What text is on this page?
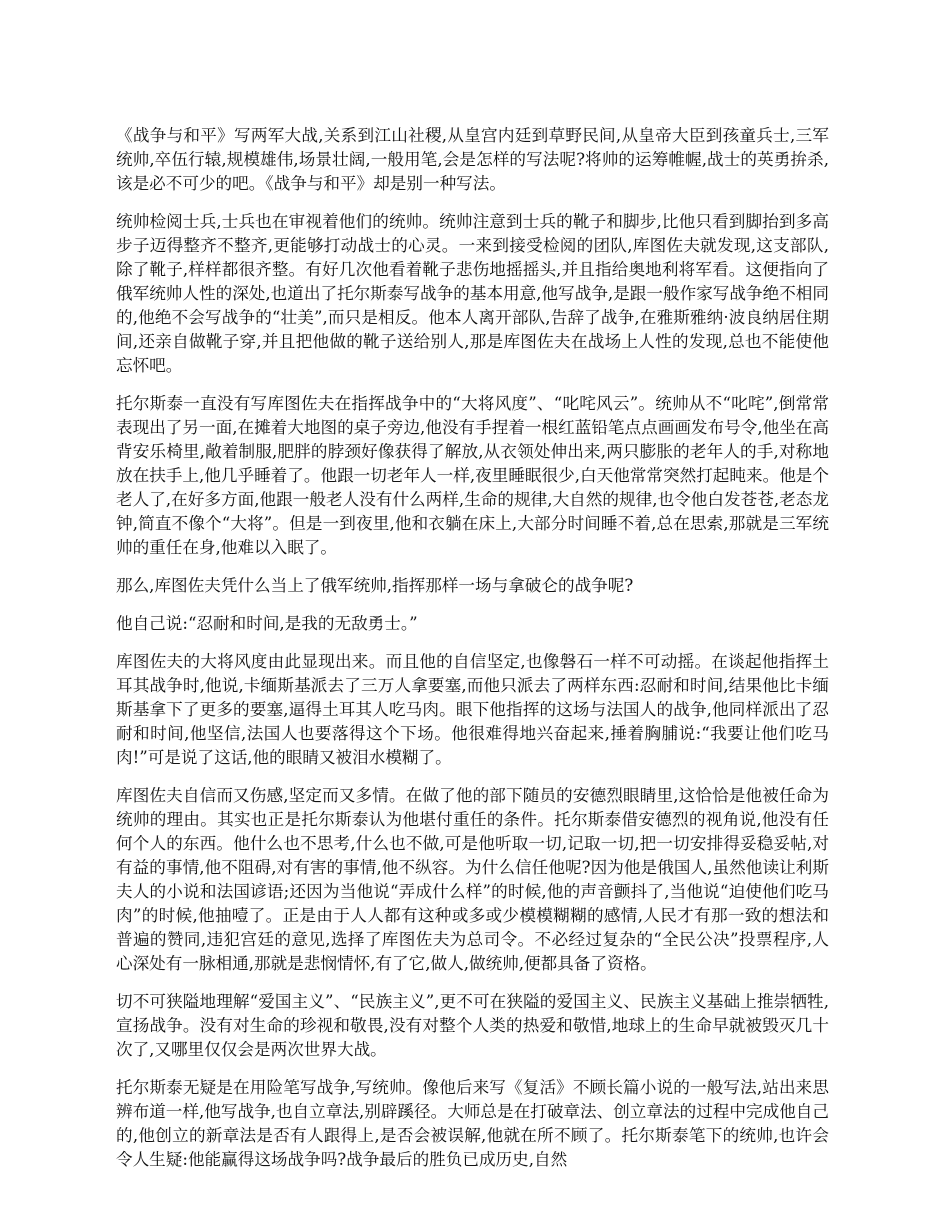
《战争与和平》写两军大战,关系到江山社稷,从皇宫内廷到草野民间,从皇帝大臣到孩童兵士,三军统帅,卒伍行辕,规模雄伟,场景壮阔,一般用笔,会是怎样的写法呢?将帅的运筹帷幄,战士的英勇拚杀,该是必不可少的吧。《战争与和平》却是别一种写法。

统帅检阅士兵,士兵也在审视着他们的统帅。统帅注意到士兵的靴子和脚步,比他只看到脚抬到多高步子迈得整齐不整齐,更能够打动战士的心灵。一来到接受检阅的团队,库图佐夫就发现,这支部队,除了靴子,样样都很齐整。有好几次他看着靴子悲伤地摇摇头,并且指给奥地利将军看。这便指向了俄军统帅人性的深处,也道出了托尔斯泰写战争的基本用意,他写战争,是跟一般作家写战争绝不相同的,他绝不会写战争的“壮美”,而只是相反。他本人离开部队,告辞了战争,在雅斯雅纳·波良纳居住期间,还亲自做靴子穿,并且把他做的靴子送给别人,那是库图佐夫在战场上人性的发现,总也不能使他忘怀吧。

托尔斯泰一直没有写库图佐夫在指挥战争中的“大将风度”、“叱咤风云”。统帅从不“叱咤”,倒常常表现出了另一面,在摊着大地图的桌子旁边,他没有手捏着一根红蓝铅笔点点画画发布号令,他坐在高背安乐椅里,敞着制服,肥胖的脖颈好像获得了解放,从衣领处伸出来,两只膨胀的老年人的手,对称地放在扶手上,他几乎睡着了。他跟一切老年人一样,夜里睡眠很少,白天他常常突然打起盹来。他是个老人了,在好多方面,他跟一般老人没有什么两样,生命的规律,大自然的规律,也令他白发苍苍,老态龙钟,简直不像个“大将”。但是一到夜里,他和衣躺在床上,大部分时间睡不着,总在思索,那就是三军统帅的重任在身,他难以入眠了。

那么,库图佐夫凭什么当上了俄军统帅,指挥那样一场与拿破仑的战争呢?

他自己说:“忍耐和时间,是我的无敌勇士。”

库图佐夫的大将风度由此显现出来。而且他的自信坚定,也像磐石一样不可动摇。在谈起他指挥土耳其战争时,他说,卡缅斯基派去了三万人拿要塞,而他只派去了两样东西:忍耐和时间,结果他比卡缅斯基拿下了更多的要塞,逼得土耳其人吃马肉。眼下他指挥的这场与法国人的战争,他同样派出了忍耐和时间,他坚信,法国人也要落得这个下场。他很难得地兴奋起来,捶着胸脯说:“我要让他们吃马肉!”可是说了这话,他的眼睛又被泪水模糊了。

库图佐夫自信而又伤感,坚定而又多情。在做了他的部下随员的安德烈眼睛里,这恰恰是他被任命为统帅的理由。其实也正是托尔斯泰认为他堪付重任的条件。托尔斯泰借安德烈的视角说,他没有任何个人的东西。他什么也不思考,什么也不做,可是他听取一切,记取一切,把一切安排得妥稳妥帖,对有益的事情,他不阻碍,对有害的事情,他不纵容。为什么信任他呢?因为他是俄国人,虽然他读让利斯夫人的小说和法国谚语;还因为当他说“弄成什么样”的时候,他的声音颤抖了,当他说“迫使他们吃马肉”的时候,他抽噎了。正是由于人人都有这种或多或少模模糊糊的感情,人民才有那一致的想法和普遍的赞同,违犯宫廷的意见,选择了库图佐夫为总司令。不必经过复杂的“全民公决”投票程序,人心深处有一脉相通,那就是悲悯情怀,有了它,做人,做统帅,便都具备了资格。

切不可狭隘地理解“爱国主义”、“民族主义”,更不可在狭隘的爱国主义、民族主义基础上推崇牺牲,宣扬战争。没有对生命的珍视和敬畏,没有对整个人类的热爱和敬惜,地球上的生命早就被毁灭几十次了,又哪里仅仅会是两次世界大战。

托尔斯泰无疑是在用险笔写战争,写统帅。像他后来写《复活》不顾长篇小说的一般写法,站出来思辨布道一样,他写战争,也自立章法,别辟蹊径。大师总是在打破章法、创立章法的过程中完成他自己的,他创立的新章法是否有人跟得上,是否会被误解,他就在所不顾了。托尔斯泰笔下的统帅,也许会令人生疑:他能赢得这场战争吗?战争最后的胜负已成历史,自然
